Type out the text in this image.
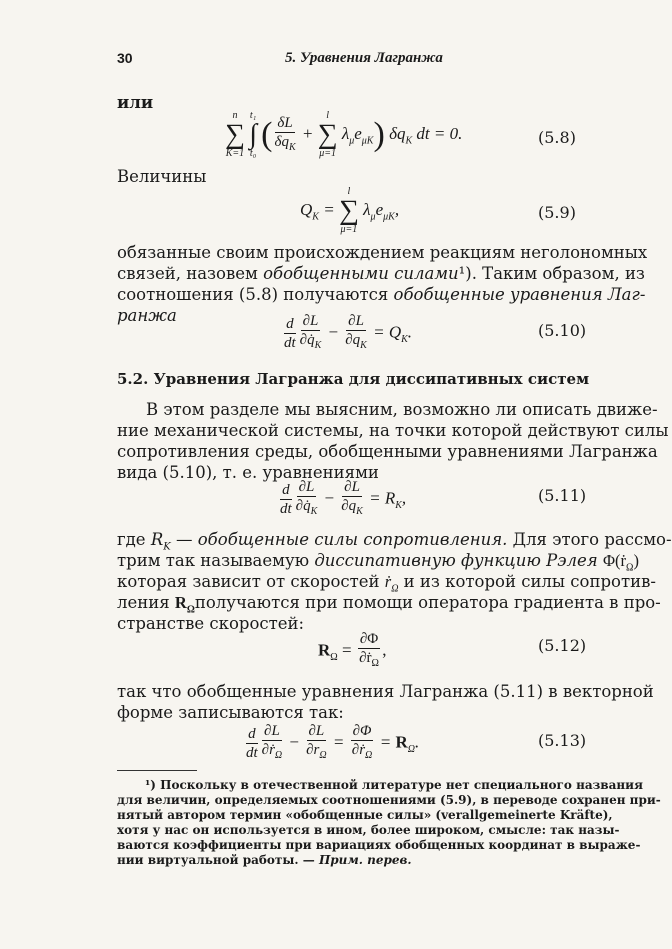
30	5. Уравнения Лагранжа
или
n
∑
K=1

t₁
∫
t₀
( $\frac{\delta L}{\delta q_K}$ +
l
∑
μ=1
$\lambda_\mu e_{\mu K}$) $\delta q_K$ dt = 0.	(5.8)
Величины
$Q_K$ =
l
∑
μ=1
$\lambda_\mu e_{\mu K}$,	(5.9)
обязанные своим происхождением реакциям неголономных
связей, назовем обобщенными силами¹). Таким образом, из
соотношения (5.8) получаются обобщенные уравнения Лаг-
ранжа	$\frac{d}{dt} \frac{\partial L}{\partial q̇_K} - \frac{\partial L}{\partial q_K} = Q_K$.	(5.10)
5.2. Уравнения Лагранжа для диссипативных систем
В этом разделе мы выясним, возможно ли описать движе-
ние механической системы, на точки которой действуют силы
сопротивления среды, обобщенными уравнениями Лагранжа
вида (5.10), т. е. уравнениями
$\frac{d}{dt} \frac{\partial L}{\partial q̇_K} - \frac{\partial L}{\partial q_K} = R_K$,	(5.11)
где $R_K$ — обобщенные силы сопротивления. Для этого рассмо-
трим так называемую диссипативную функцию Рэлея Φ(ṙ$_\Omega$)
которая зависит от скоростей ṙ$_\Omega$ и из которой силы сопротив-
ления $R_\Omega получаются$ при помощи оператора градиента в про-
странстве скоростей:
$R_\Omega = \frac{\partial\Phi}{\partial ṙ_\Omega}$ ,	(5.12)
так что обобщенные уравнения Лагранжа (5.11) в векторной
форме записываются так:
$\frac{d}{dt} \frac{\partial L}{\partial ṙ_\Omega} - \frac{\partial L}{\partial r_\Omega} = \frac{\partial\Phi}{\partial ṙ_\Omega} = R_\Omega$.	(5.13)
¹) Поскольку в отечественной литературе нет специального названия
для величин, определяемых соотношениями (5.9), в переводе сохранен при-
нятый автором термин «обобщенные силы» (verallgemeinerte Kräfte),
хотя у нас он используется в ином, более широком, смысле: так назы-
ваются коэффициенты при вариациях обобщенных координат в выраже-
нии виртуальной работы. — Прим. перев.
